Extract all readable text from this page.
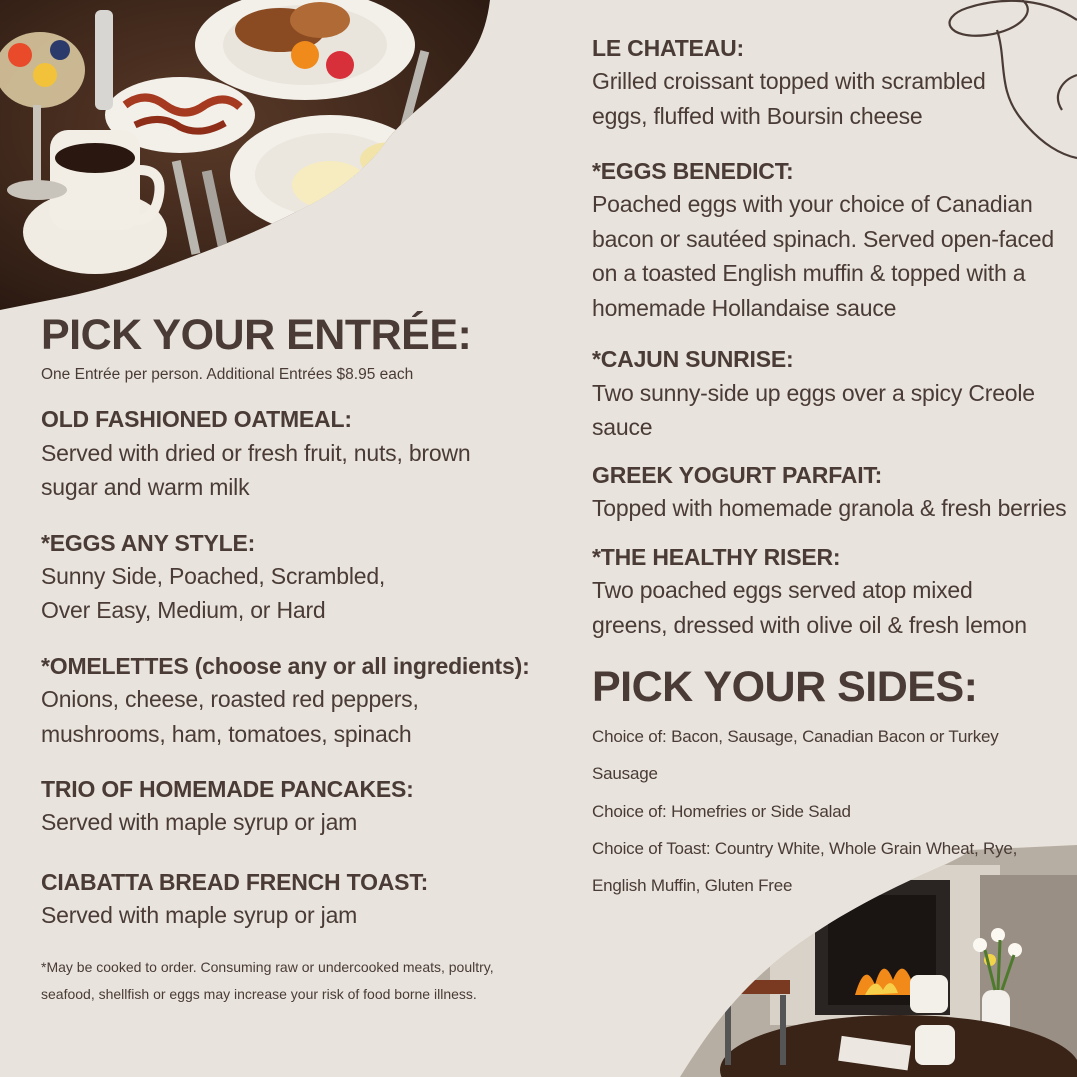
PICK YOUR ENTRÉE:

One Entrée per person. Additional Entrées $8.95 each

OLD FASHIONED OATMEAL:

Served with dried or fresh fruit, nuts, brown

sugar and warm milk

*EGGS ANY STYLE:

Sunny Side, Poached, Scrambled,

Over Easy, Medium, or Hard

*OMELETTES (choose any or all ingredients):

Onions, cheese, roasted red peppers,

mushrooms, ham, tomatoes, spinach

TRIO OF HOMEMADE PANCAKES:

Served with maple syrup or jam

CIABATTA BREAD FRENCH TOAST:

Served with maple syrup or jam

*May be cooked to order. Consuming raw or undercooked meats, poultry,

seafood, shellfish or eggs may increase your risk of food borne illness.

LE CHATEAU:

Grilled croissant topped with scrambled

eggs, fluffed with Boursin cheese

*EGGS BENEDICT:

Poached eggs with your choice of Canadian

bacon or sautéed spinach. Served open-faced

on a toasted English muffin & topped with a

homemade Hollandaise sauce

*CAJUN SUNRISE:

Two sunny-side up eggs over a spicy Creole

sauce

GREEK YOGURT PARFAIT:

Topped with homemade granola & fresh berries

*THE HEALTHY RISER:

Two poached eggs served atop mixed

greens, dressed with olive oil & fresh lemon

PICK YOUR SIDES:

Choice of: Bacon, Sausage, Canadian Bacon or Turkey Sausage

Choice of: Homefries or Side Salad

Choice of Toast: Country White, Whole Grain Wheat, Rye,

English Muffin, Gluten Free
